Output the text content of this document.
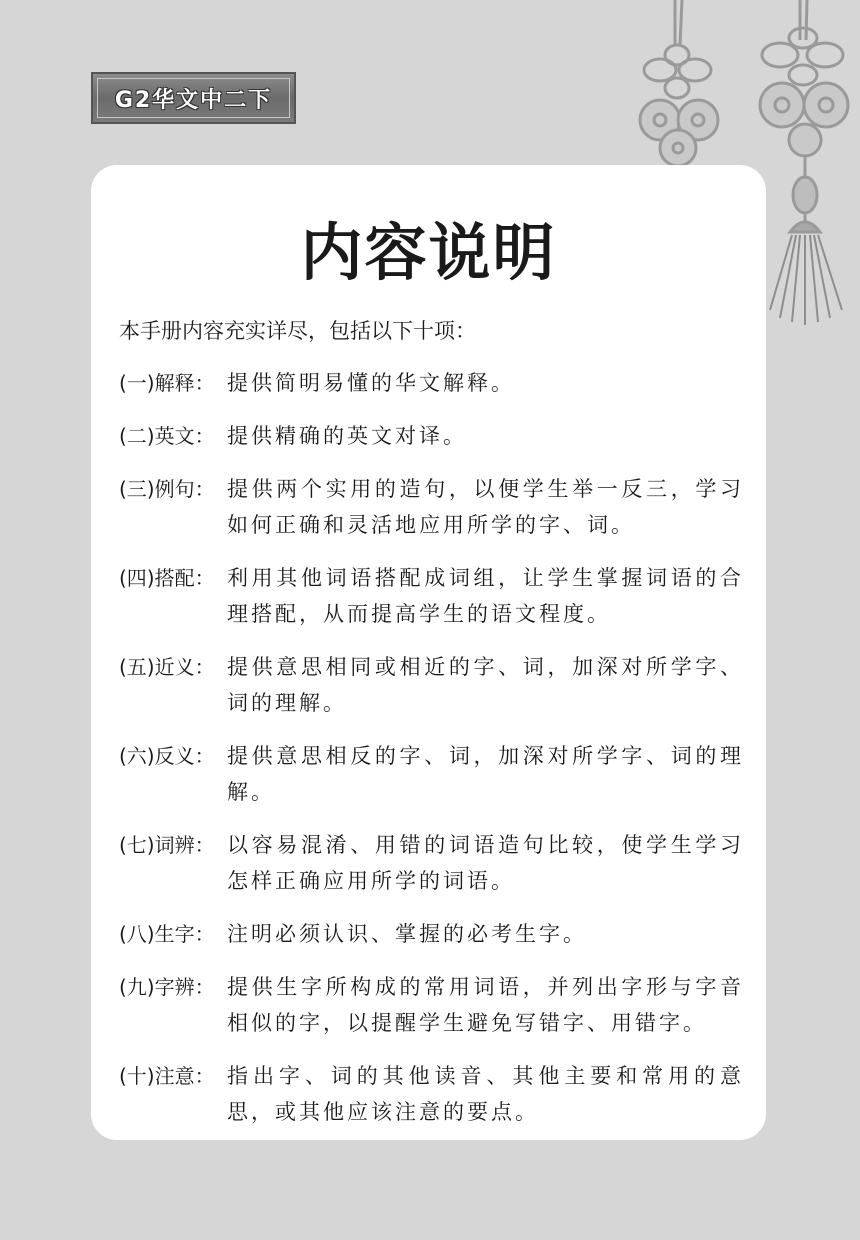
G2华文中二下
内容说明
本手册内容充实详尽，包括以下十项：
(一)解释： 提供简明易懂的华文解释。
(二)英文： 提供精确的英文对译。
(三)例句： 提供两个实用的造句，以便学生举一反三，学习如何正确和灵活地应用所学的字、词。
(四)搭配： 利用其他词语搭配成词组，让学生掌握词语的合理搭配，从而提高学生的语文程度。
(五)近义： 提供意思相同或相近的字、词，加深对所学字、词的理解。
(六)反义： 提供意思相反的字、词，加深对所学字、词的理解。
(七)词辨： 以容易混淆、用错的词语造句比较，使学生学习怎样正确应用所学的词语。
(八)生字： 注明必须认识、掌握的必考生字。
(九)字辨： 提供生字所构成的常用词语，并列出字形与字音相似的字，以提醒学生避免写错字、用错字。
(十)注意： 指出字、词的其他读音、其他主要和常用的意思，或其他应该注意的要点。
